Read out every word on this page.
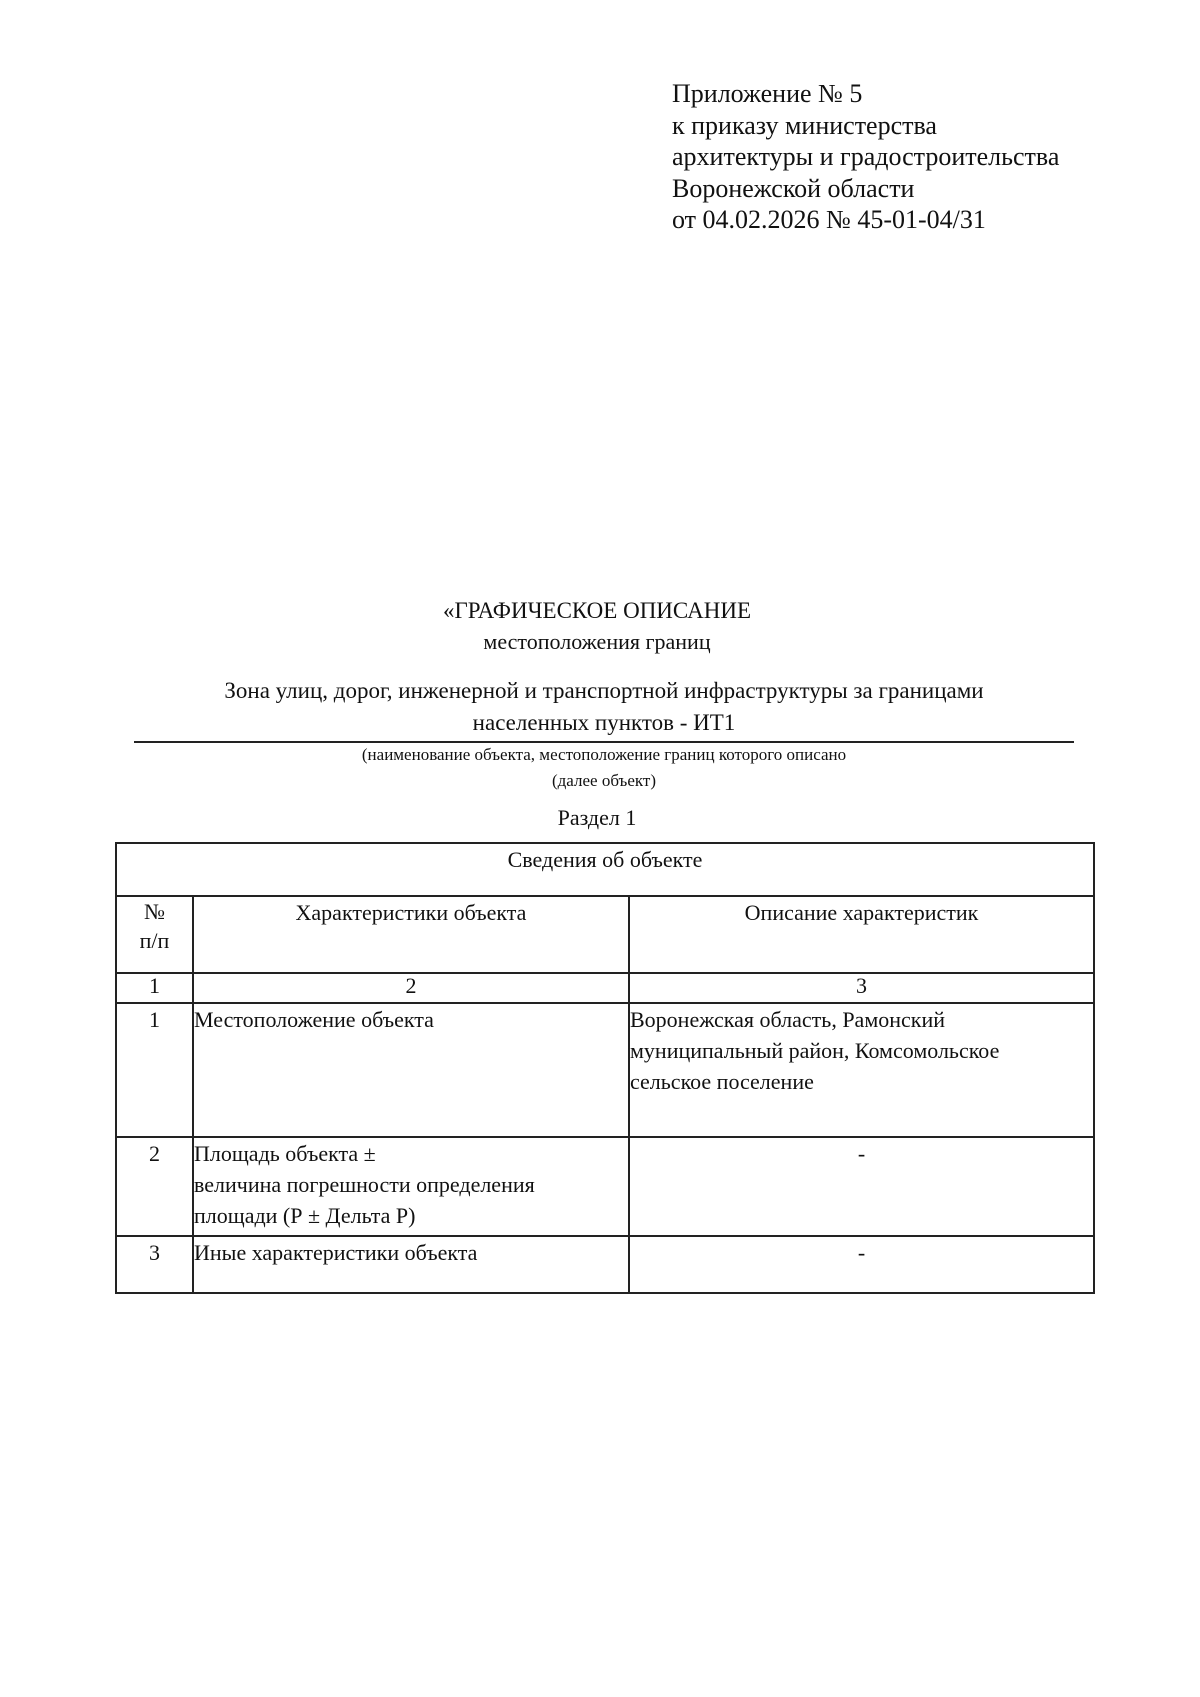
Приложение № 5
к приказу министерства
архитектуры и градостроительства
Воронежской области
от 04.02.2026 № 45-01-04/31
«ГРАФИЧЕСКОЕ ОПИСАНИЕ
местоположения границ
Зона улиц, дорог, инженерной и транспортной инфраструктуры за границами
населенных пунктов - ИТ1
(наименование объекта, местоположение границ которого описано
(далее объект)
Раздел 1
Сведения об объекте		

№
п/п	Характеристики объекта	Описание характеристик
1	2	3
1	Местоположение объекта	Воронежская область, Рамонский
муниципальный район, Комсомольское
сельское поселение

2	Площадь объекта ±
величина погрешности определения
площади (Р ± Дельта Р)	-
3	Иные характеристики объекта	-
